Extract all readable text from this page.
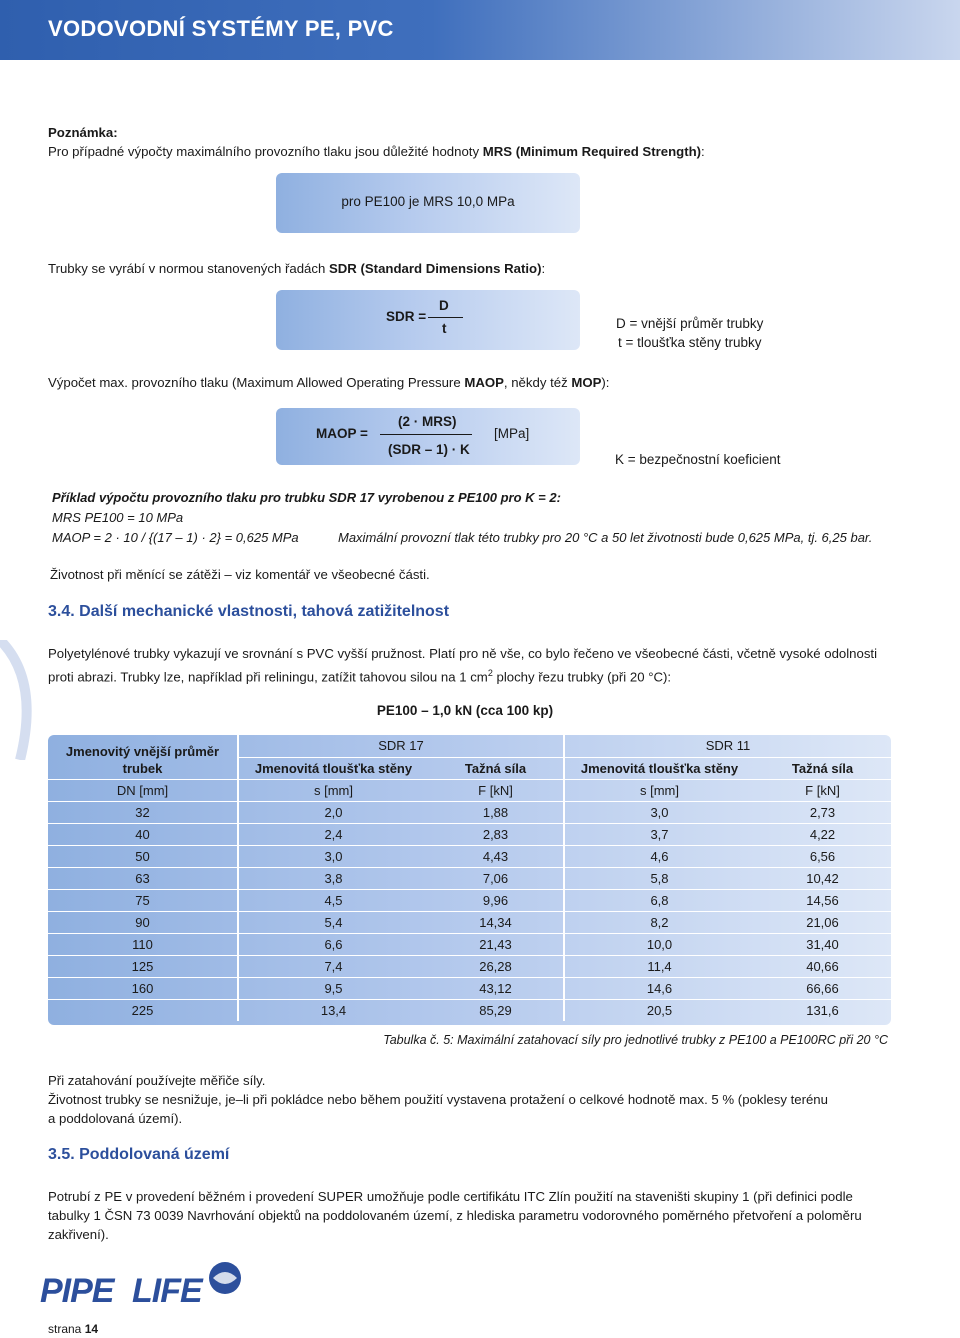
VODOVODNÍ SYSTÉMY PE, PVC

Poznámka:

Pro případné výpočty maximálního provozního tlaku jsou důležité hodnoty MRS (Minimum Required Strength):

pro PE100 je MRS 10,0 MPa

Trubky se vyrábí v normou stanovených řadách SDR (Standard Dimensions Ratio):

SDR =
D
t	D = vnější průměr trubky
t = tloušťka stěny trubky

Výpočet max. provozního tlaku (Maximum Allowed Operating Pressure MAOP, někdy též MOP):

MAOP =
(2 · MRS)
(SDR – 1) · K
[MPa]
K = bezpečnostní koeficient
Příklad výpočtu provozního tlaku pro trubku SDR 17 vyrobenou z PE100 pro K = 2:
MRS PE100 = 10 MPa
MAOP = 2 · 10 / {(17 – 1) · 2} = 0,625 MPa	Maximální provozní tlak této trubky pro 20 °C a 50 let životnosti bude 0,625 MPa, tj. 6,25 bar.
Životnost při měnící se zátěži – viz komentář ve všeobecné části.
3.4. Další mechanické vlastnosti, tahová zatižitelnost

Polyetylénové trubky vykazují ve srovnání s PVC vyšší pružnost. Platí pro ně vše, co bylo řečeno ve všeobecné části, včetně vysoké odolnosti

proti abrazi. Trubky lze, například při reliningu, zatížit tahovou silou na 1 $cm^2$ plochy řezu trubky (při 20 °C):

PE100 – 1,0 kN (cca 100 kp)
Jmenovitý vnější průměr trubek	SDR 17		SDR 11	
	Jmenovitá tloušťka stěny	Tažná síla	Jmenovitá tloušťka stěny	Tažná síla
DN [mm]	s [mm]	F [kN]	s [mm]	F [kN]
32	2,0	1,88	3,0	2,73
40	2,4	2,83	3,7	4,22
50	3,0	4,43	4,6	6,56
63	3,8	7,06	5,8	10,42
75	4,5	9,96	6,8	14,56
90	5,4	14,34	8,2	21,06
110	6,6	21,43	10,0	31,40
125	7,4	26,28	11,4	40,66
160	9,5	43,12	14,6	66,66
225	13,4	85,29	20,5	131,6
Tabulka č. 5: Maximální zatahovací síly pro jednotlivé trubky z PE100 a PE100RC při 20 °C

Při zatahování používejte měřiče síly.

Životnost trubky se nesnižuje, je–li při pokládce nebo během použití vystavena protažení o celkové hodnotě max. 5 % (poklesy terénu

a poddolovaná území).

3.5. Poddolovaná území

Potrubí z PE v provedení běžném i provedení SUPER umožňuje podle certifikátu ITC Zlín použití na staveništi skupiny 1 (při definici podle

tabulky 1 ČSN 73 0039 Navrhování objektů na poddolovaném území, z hlediska parametru vodorovného poměrného přetvoření a poloměru

zakřivení).

PIPE LIFE
strana 14
